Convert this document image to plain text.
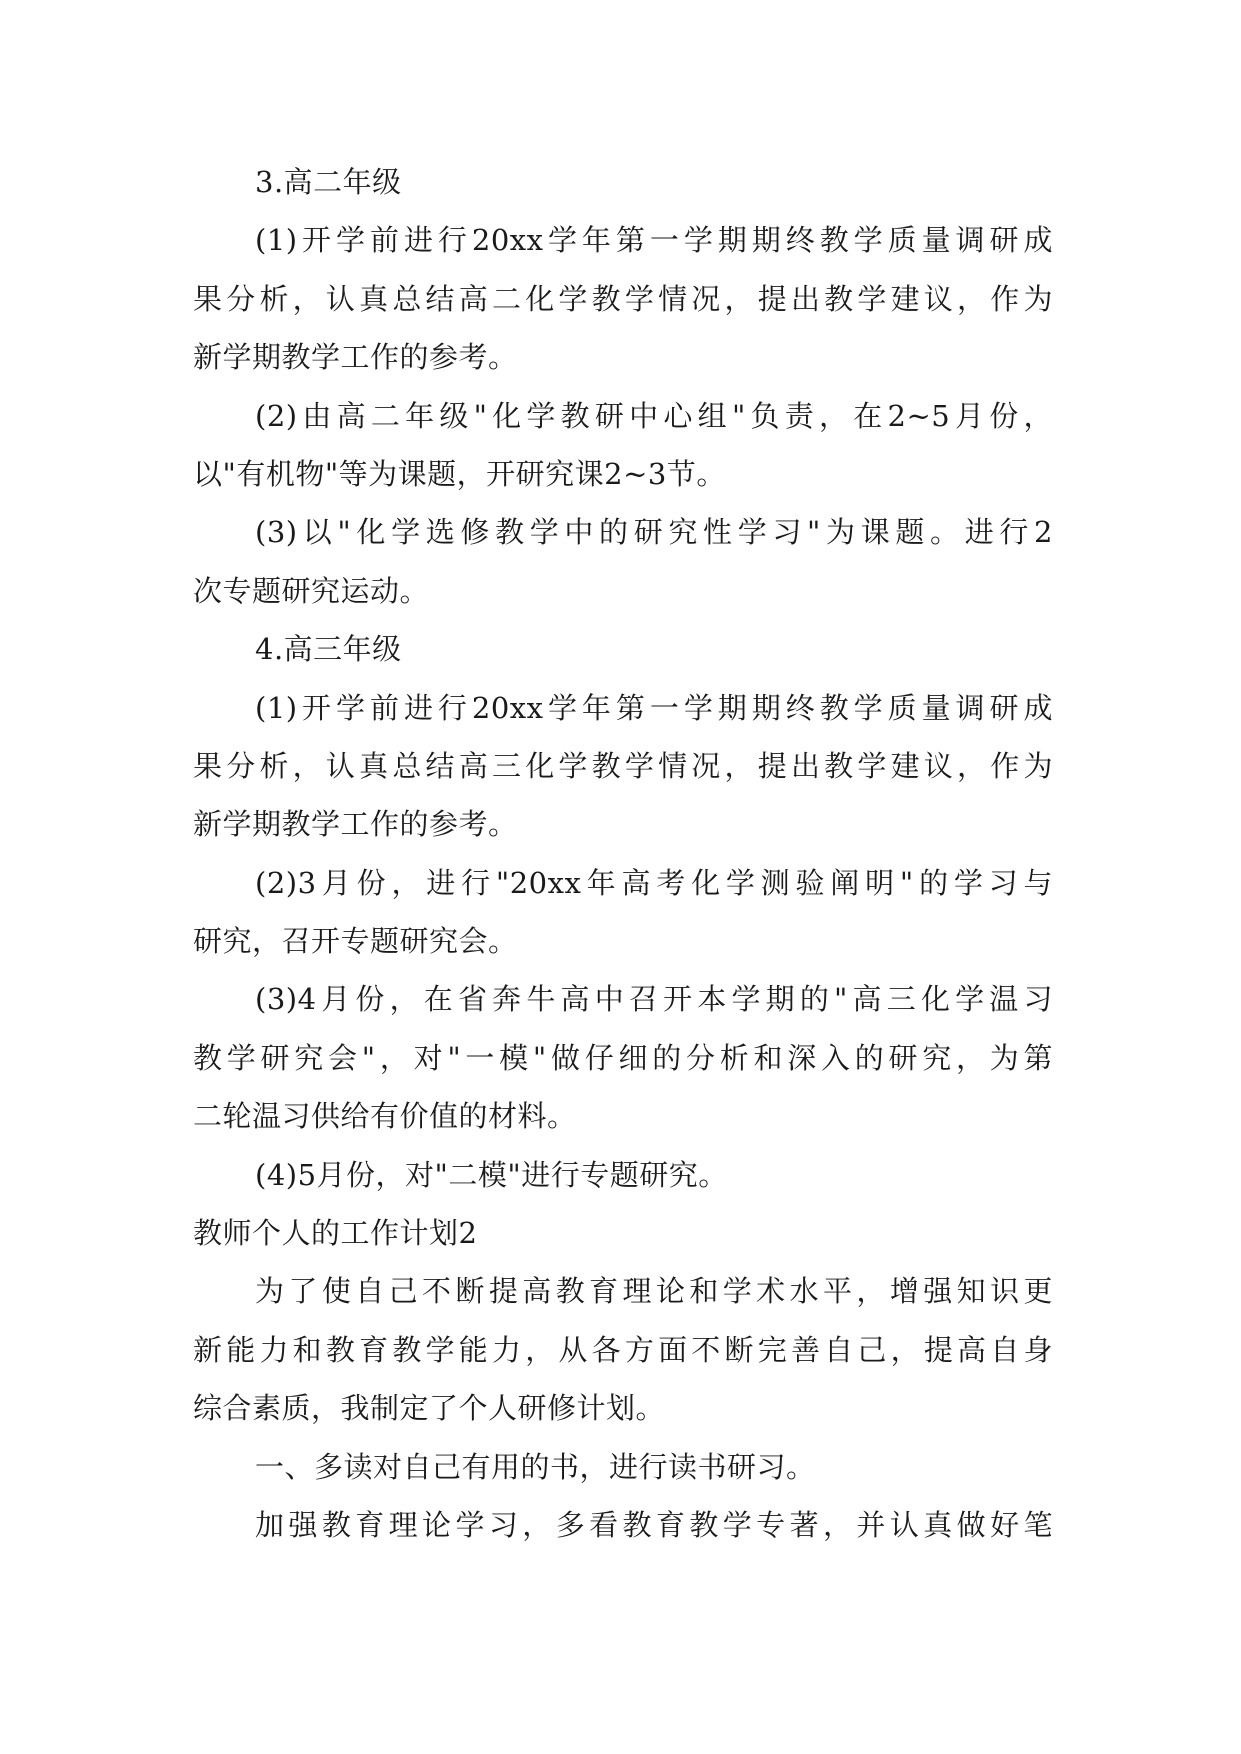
3.高二年级
(1)开学前进行20xx学年第一学期期终教学质量调研成
果分析，认真总结高二化学教学情况，提出教学建议，作为
新学期教学工作的参考。
(2)由高二年级"化学教研中心组"负责，在2~5月份，
以"有机物"等为课题，开研究课2~3节。
(3)以"化学选修教学中的研究性学习"为课题。进行2
次专题研究运动。
4.高三年级
(1)开学前进行20xx学年第一学期期终教学质量调研成
果分析，认真总结高三化学教学情况，提出教学建议，作为
新学期教学工作的参考。
(2)3月份，进行"20xx年高考化学测验阐明"的学习与
研究，召开专题研究会。
(3)4月份，在省奔牛高中召开本学期的"高三化学温习
教学研究会"，对"一模"做仔细的分析和深入的研究，为第
二轮温习供给有价值的材料。
(4)5月份，对"二模"进行专题研究。
教师个人的工作计划2
为了使自己不断提高教育理论和学术水平，增强知识更
新能力和教育教学能力，从各方面不断完善自己，提高自身
综合素质，我制定了个人研修计划。
一、多读对自己有用的书，进行读书研习。
加强教育理论学习，多看教育教学专著，并认真做好笔
